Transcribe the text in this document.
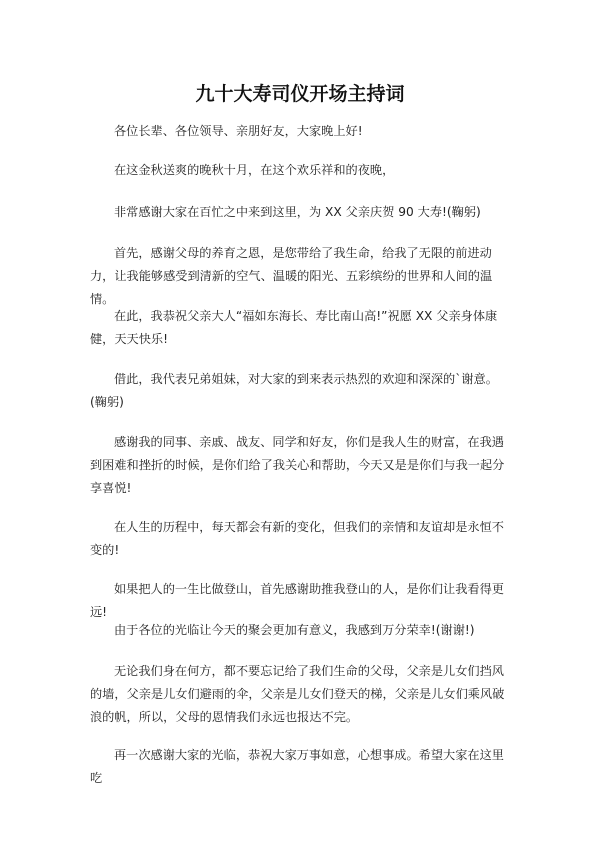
九十大寿司仪开场主持词

各位长辈、各位领导、亲朋好友，大家晚上好!

在这金秋送爽的晚秋十月，在这个欢乐祥和的夜晚，

非常感谢大家在百忙之中来到这里，为 XX 父亲庆贺 90 大寿!(鞠躬)

首先，感谢父母的养育之恩，是您带给了我生命，给我了无限的前进动力，让我能够感受到清新的空气、温暖的阳光、五彩缤纷的世界和人间的温情。

在此，我恭祝父亲大人“福如东海长、寿比南山高!”祝愿 XX 父亲身体康健，天天快乐!

借此，我代表兄弟姐妹，对大家的到来表示热烈的欢迎和深深的`谢意。(鞠躬)

感谢我的同事、亲戚、战友、同学和好友，你们是我人生的财富，在我遇到困难和挫折的时候，是你们给了我关心和帮助，今天又是是你们与我一起分享喜悦!

在人生的历程中，每天都会有新的变化，但我们的亲情和友谊却是永恒不变的!

如果把人的一生比做登山，首先感谢助推我登山的人，是你们让我看得更远!

由于各位的光临让今天的聚会更加有意义，我感到万分荣幸!(谢谢!)

无论我们身在何方，都不要忘记给了我们生命的父母，父亲是儿女们挡风的墙，父亲是儿女们避雨的伞，父亲是儿女们登天的梯，父亲是儿女们乘风破浪的帆，所以，父母的恩情我们永远也报达不完。

再一次感谢大家的光临，恭祝大家万事如意，心想事成。希望大家在这里吃
